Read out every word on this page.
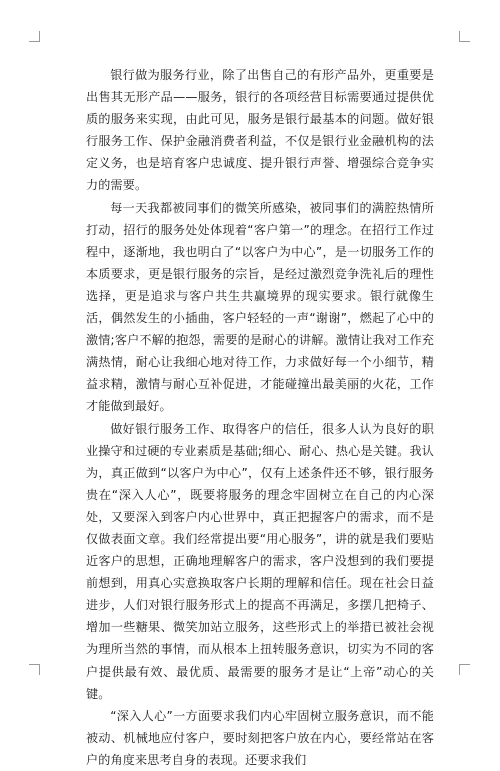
银行做为服务行业，除了出售自己的有形产品外，更重要是出售其无形产品——服务，银行的各项经营目标需要通过提供优质的服务来实现，由此可见，服务是银行最基本的问题。做好银行服务工作、保护金融消费者利益，不仅是银行业金融机构的法定义务，也是培育客户忠诚度、提升银行声誉、增强综合竞争实力的需要。

每一天我都被同事们的微笑所感染，被同事们的满腔热情所打动，招行的服务处处体现着“客户第一”的理念。在招行工作过程中，逐渐地，我也明白了“以客户为中心”，是一切服务工作的本质要求，更是银行服务的宗旨，是经过激烈竞争洗礼后的理性选择，更是追求与客户共生共赢境界的现实要求。银行就像生活，偶然发生的小插曲，客户轻轻的一声“谢谢”，燃起了心中的激情;客户不解的抱怨，需要的是耐心的讲解。激情让我对工作充满热情，耐心让我细心地对待工作，力求做好每一个小细节，精益求精，激情与耐心互补促进，才能碰撞出最美丽的火花，工作才能做到最好。

做好银行服务工作、取得客户的信任，很多人认为良好的职业操守和过硬的专业素质是基础;细心、耐心、热心是关键。我认为，真正做到“以客户为中心”，仅有上述条件还不够，银行服务贵在“深入人心”，既要将服务的理念牢固树立在自己的内心深处，又要深入到客户内心世界中，真正把握客户的需求，而不是仅做表面文章。我们经常提出要“用心服务”，讲的就是我们要贴近客户的思想，正确地理解客户的需求，客户没想到的我们要提前想到，用真心实意换取客户长期的理解和信任。现在社会日益进步，人们对银行服务形式上的提高不再满足，多摆几把椅子、增加一些糖果、微笑加站立服务，这些形式上的举措已被社会视为理所当然的事情，而从根本上扭转服务意识，切实为不同的客户提供最有效、最优质、最需要的服务才是让“上帝”动心的关键。

“深入人心”一方面要求我们内心牢固树立服务意识，而不能被动、机械地应付客户，要时刻把客户放在内心，要经常站在客户的角度来思考自身的表现。还要求我们
